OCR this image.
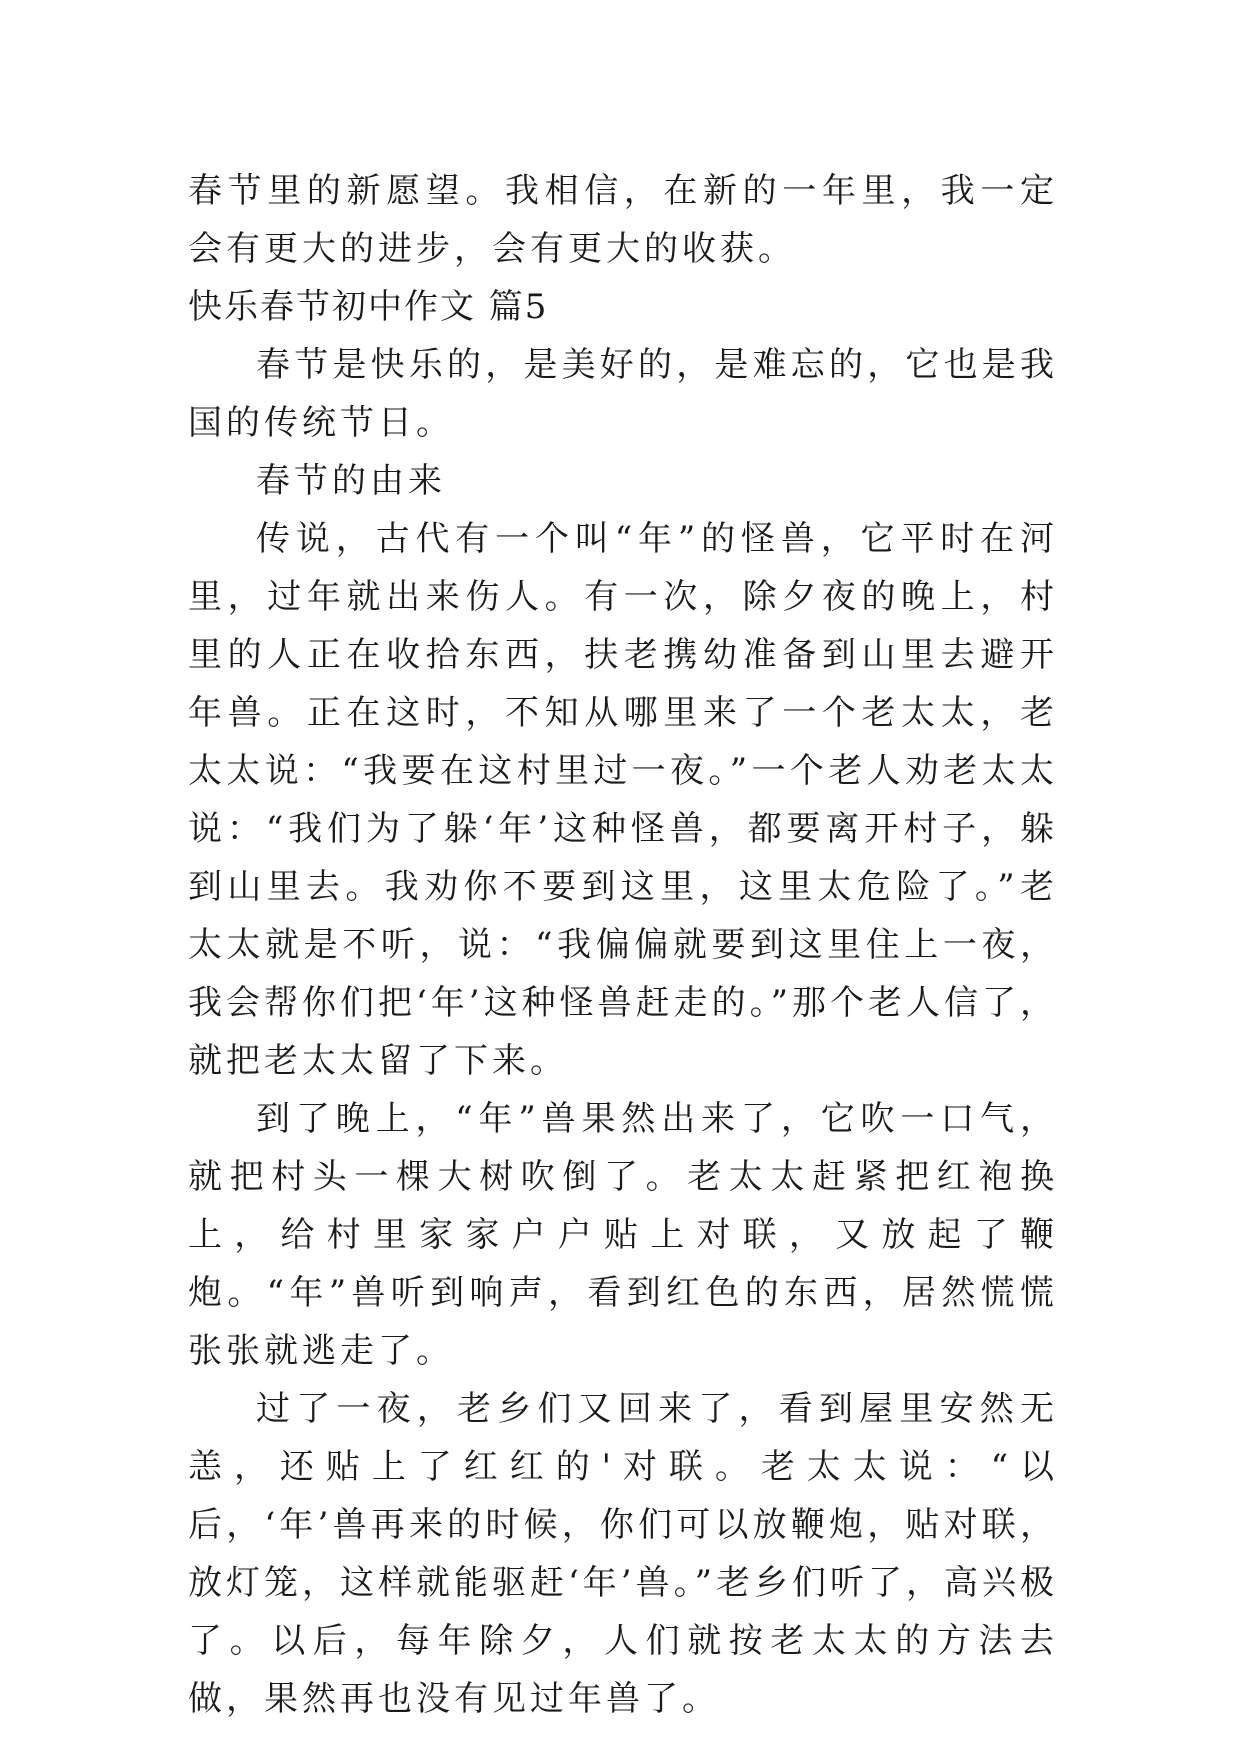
春节里的新愿望。我相信，在新的一年里，我一定会有更大的进步，会有更大的收获。

快乐春节初中作文 篇5

春节是快乐的，是美好的，是难忘的，它也是我国的传统节日。

春节的由来

传说，古代有一个叫“年”的怪兽，它平时在河里，过年就出来伤人。有一次，除夕夜的晚上，村里的人正在收拾东西，扶老携幼准备到山里去避开年兽。正在这时，不知从哪里来了一个老太太，老太太说：“我要在这村里过一夜。”一个老人劝老太太说：“我们为了躲‘年’这种怪兽，都要离开村子，躲到山里去。我劝你不要到这里，这里太危险了。”老太太就是不听，说：“我偏偏就要到这里住上一夜，我会帮你们把‘年’这种怪兽赶走的。”那个老人信了，就把老太太留了下来。

到了晚上，“年”兽果然出来了，它吹一口气，就把村头一棵大树吹倒了。老太太赶紧把红袍换上，给村里家家户户贴上对联，又放起了鞭炮。“年”兽听到响声，看到红色的东西，居然慌慌张张就逃走了。

过了一夜，老乡们又回来了，看到屋里安然无恙，还贴上了红红的'对联。老太太说：“以后，‘年’兽再来的时候，你们可以放鞭炮，贴对联，放灯笼，这样就能驱赶‘年’兽。”老乡们听了，高兴极了。以后，每年除夕，人们就按老太太的方法去做，果然再也没有见过年兽了。
